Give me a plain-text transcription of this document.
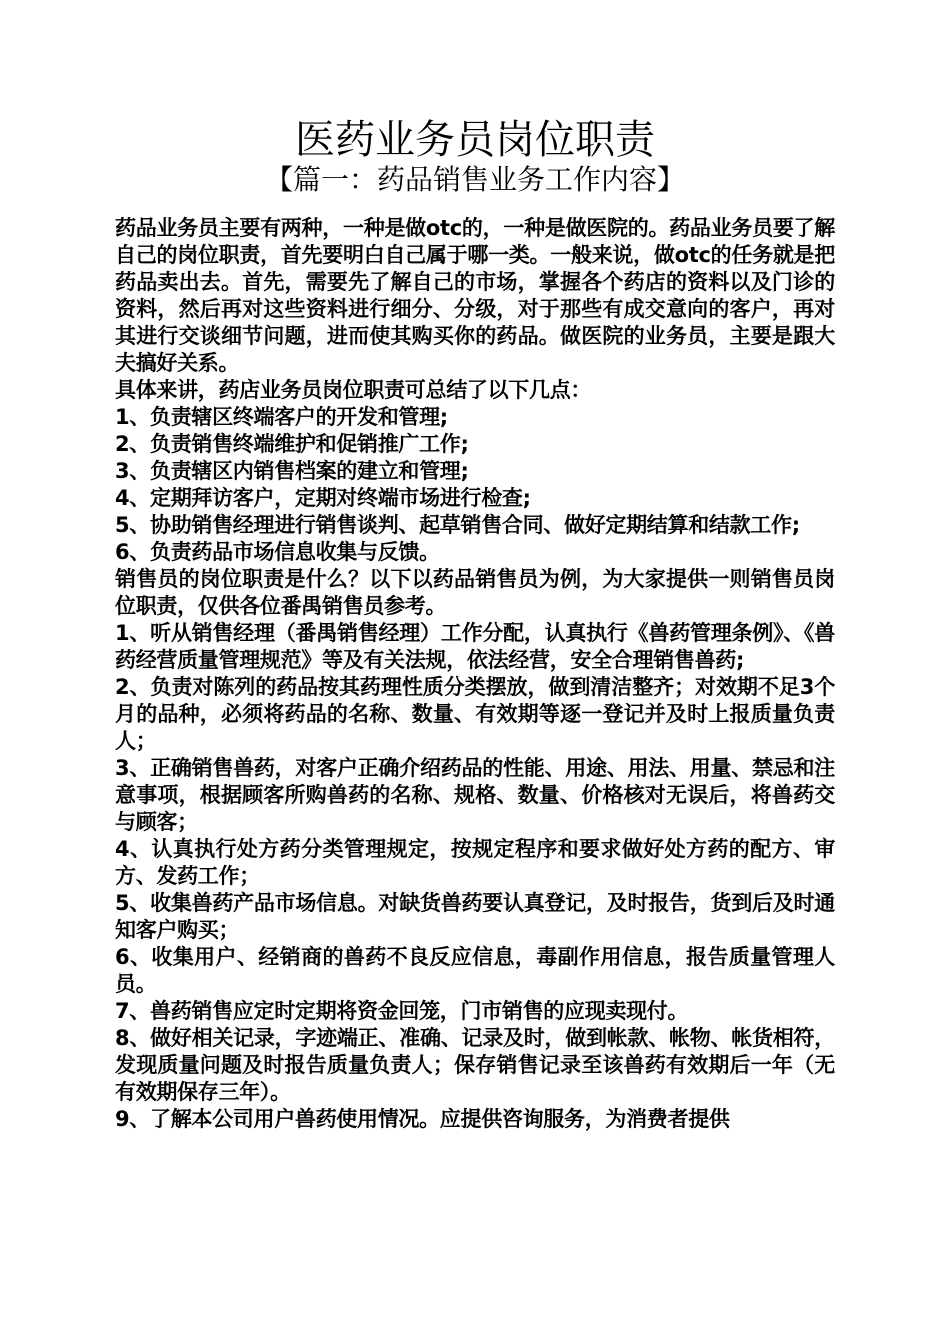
医药业务员岗位职责
【篇一：药品销售业务工作内容】

药品业务员主要有两种，一种是做otc的，一种是做医院的。药品业务员要了解自己的岗位职责，首先要明白自己属于哪一类。一般来说，做otc的任务就是把药品卖出去。首先，需要先了解自己的市场，掌握各个药店的资料以及门诊的资料，然后再对这些资料进行细分、分级，对于那些有成交意向的客户，再对其进行交谈细节问题，进而使其购买你的药品。做医院的业务员，主要是跟大夫搞好关系。

具体来讲，药店业务员岗位职责可总结了以下几点：

1、负责辖区终端客户的开发和管理;

2、负责销售终端维护和促销推广工作;

3、负责辖区内销售档案的建立和管理;

4、定期拜访客户，定期对终端市场进行检查;

5、协助销售经理进行销售谈判、起草销售合同、做好定期结算和结款工作;

6、负责药品市场信息收集与反馈。

销售员的岗位职责是什么？以下以药品销售员为例，为大家提供一则销售员岗位职责，仅供各位番禺销售员参考。

1、听从销售经理（番禺销售经理）工作分配，认真执行《兽药管理条例》、《兽药经营质量管理规范》等及有关法规，依法经营，安全合理销售兽药;

2、负责对陈列的药品按其药理性质分类摆放，做到清洁整齐；对效期不足3个月的品种，必须将药品的名称、数量、有效期等逐一登记并及时上报质量负责人；

3、正确销售兽药，对客户正确介绍药品的性能、用途、用法、用量、禁忌和注意事项，根据顾客所购兽药的名称、规格、数量、价格核对无误后，将兽药交与顾客；

4、认真执行处方药分类管理规定，按规定程序和要求做好处方药的配方、审方、发药工作；

5、收集兽药产品市场信息。对缺货兽药要认真登记，及时报告，货到后及时通知客户购买；

6、收集用户、经销商的兽药不良反应信息，毒副作用信息，报告质量管理人员。

7、兽药销售应定时定期将资金回笼，门市销售的应现卖现付。

8、做好相关记录，字迹端正、准确、记录及时，做到帐款、帐物、帐货相符，发现质量问题及时报告质量负责人；保存销售记录至该兽药有效期后一年（无有效期保存三年）。

9、了解本公司用户兽药使用情况。应提供咨询服务，为消费者提供
